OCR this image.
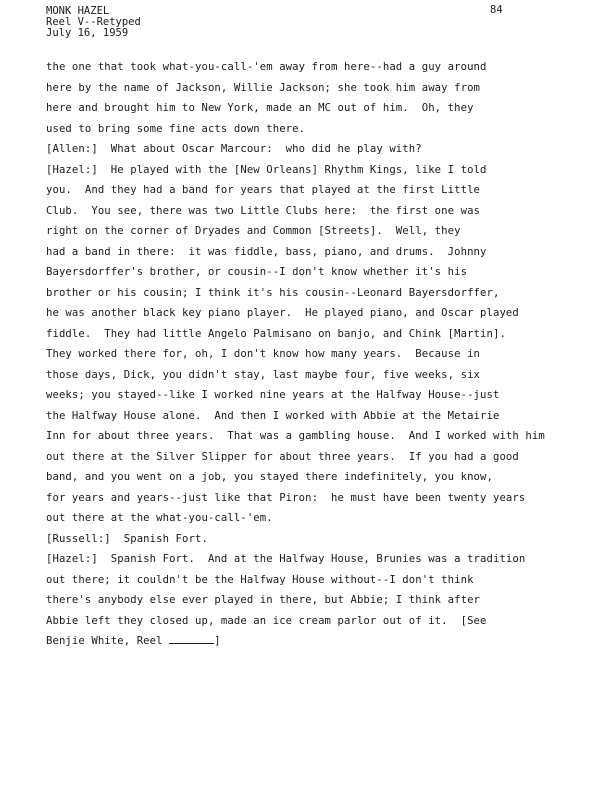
MONK HAZEL
Reel V--Retyped
July 16, 1959
84
the one that took what-you-call-'em away from here--had a guy around
here by the name of Jackson, Willie Jackson; she took him away from
here and brought him to New York, made an MC out of him.  Oh, they
used to bring some fine acts down there.
[Allen:]  What about Oscar Marcour:  who did he play with?
[Hazel:]  He played with the [New Orleans] Rhythm Kings, like I told
you.  And they had a band for years that played at the first Little
Club.  You see, there was two Little Clubs here:  the first one was
right on the corner of Dryades and Common [Streets].  Well, they
had a band in there:  it was fiddle, bass, piano, and drums.  Johnny
Bayersdorffer's brother, or cousin--I don't know whether it's his
brother or his cousin; I think it's his cousin--Leonard Bayersdorffer,
he was another black key piano player.  He played piano, and Oscar played
fiddle.  They had little Angelo Palmisano on banjo, and Chink [Martin].
They worked there for, oh, I don't know how many years.  Because in
those days, Dick, you didn't stay, last maybe four, five weeks, six
weeks; you stayed--like I worked nine years at the Halfway House--just
the Halfway House alone.  And then I worked with Abbie at the Metairie
Inn for about three years.  That was a gambling house.  And I worked with him
out there at the Silver Slipper for about three years.  If you had a good
band, and you went on a job, you stayed there indefinitely, you know,
for years and years--just like that Piron:  he must have been twenty years
out there at the what-you-call-'em.
[Russell:]  Spanish Fort.
[Hazel:]  Spanish Fort.  And at the Halfway House, Brunies was a tradition
out there; it couldn't be the Halfway House without--I don't think
there's anybody else ever played in there, but Abbie; I think after
Abbie left they closed up, made an ice cream parlor out of it.  [See
Benjie White, Reel	]
